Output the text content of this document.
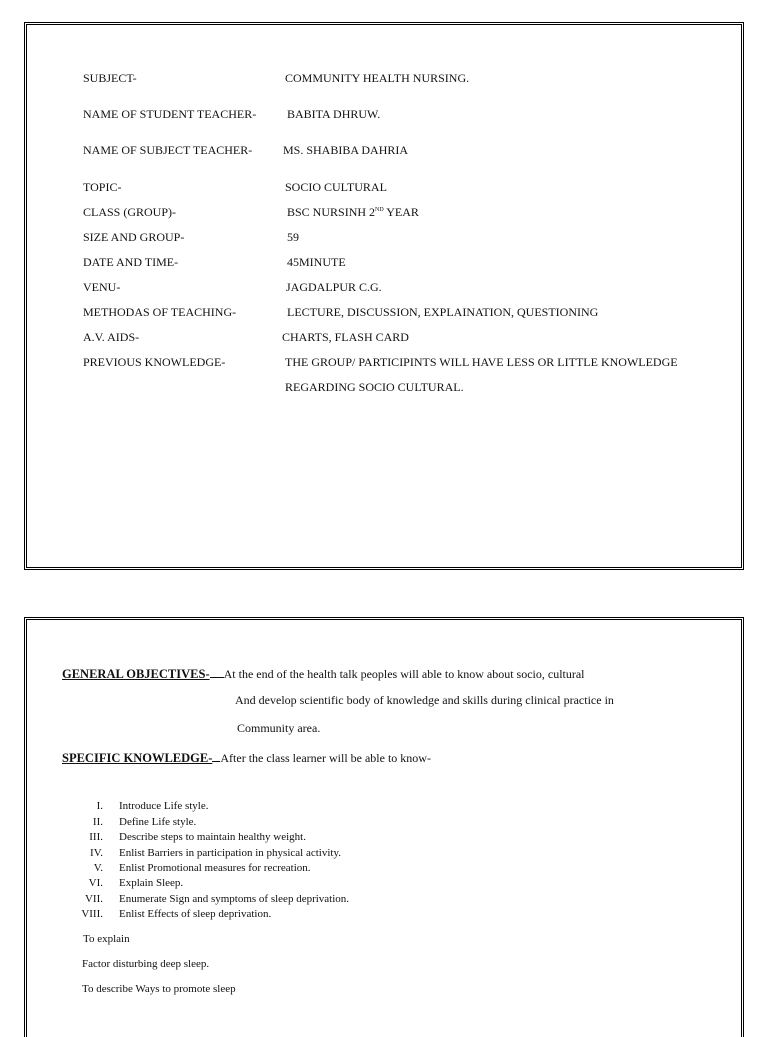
SUBJECT-	COMMUNITY HEALTH NURSING.
NAME OF STUDENT TEACHER-	BABITA DHRUW.
NAME OF SUBJECT TEACHER-	MS. SHABIBA DAHRIA
TOPIC-	SOCIO CULTURAL
CLASS (GROUP)-	BSC NURSINH 2ND YEAR
SIZE AND GROUP-	59
DATE AND TIME-	45MINUTE
VENU-	JAGDALPUR C.G.
METHODAS OF TEACHING-	LECTURE, DISCUSSION, EXPLAINATION, QUESTIONING
A.V. AIDS-	CHARTS, FLASH CARD
PREVIOUS KNOWLEDGE-	THE GROUP/ PARTICIPINTS WILL HAVE LESS OR LITTLE KNOWLEDGE
REGARDING SOCIO CULTURAL.
GENERAL OBJECTIVES- At the end of the health talk peoples will able to know about socio, cultural
And develop scientific body of knowledge and skills during clinical practice in
Community area.
SPECIFIC KNOWLEDGE- After the class learner will be able to know-
I. Introduce Life style.
II. Define Life style.
III. Describe steps to maintain healthy weight.
IV. Enlist Barriers in participation in physical activity.
V. Enlist Promotional measures for recreation.
VI. Explain Sleep.
VII. Enumerate Sign and symptoms of sleep deprivation.
VIII. Enlist Effects of sleep deprivation.
To explain
Factor disturbing deep sleep.
To describe Ways to promote sleep
